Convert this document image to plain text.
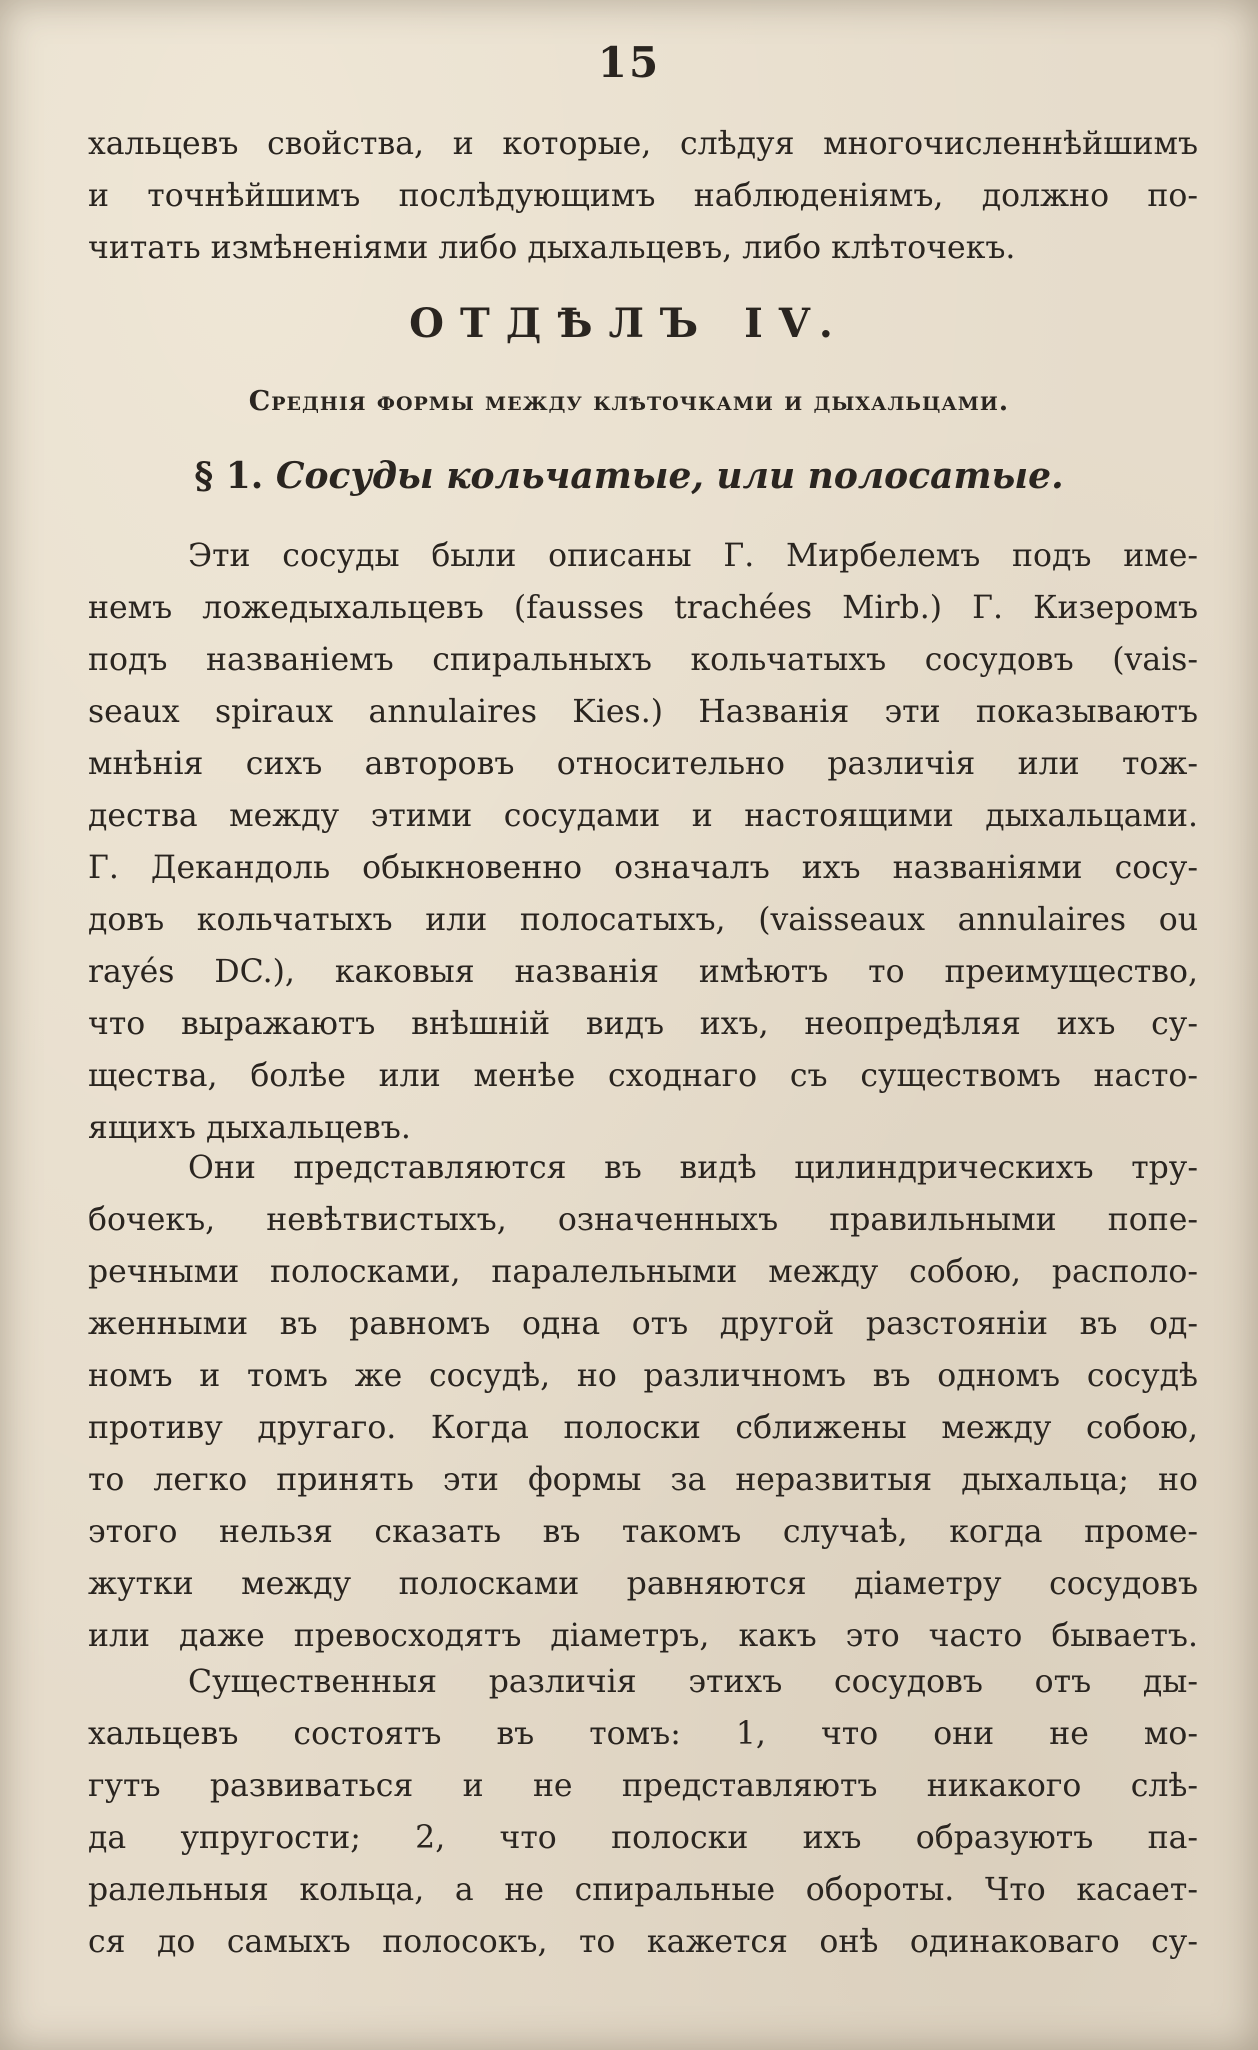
15
хальцевъ свойства, и которые, слѣдуя многочисленнѣйшимъ
и точнѣйшимъ послѣдующимъ наблюденіямъ, должно по-
читать измѣненіями либо дыхальцевъ, либо клѣточекъ.
ОТДѢЛЪ IV.
Среднія формы между клѣточками и дыхальцами.
§ 1. Сосуды кольчатые, или полосатые.
Эти сосуды были описаны Г. Мирбелемъ подъ име-
немъ ложедыхальцевъ (fausses trachées Mirb.) Г. Кизеромъ
подъ названіемъ спиральныхъ кольчатыхъ сосудовъ (vais-
seaux spiraux annulaires Kies.) Названія эти показываютъ
мнѣнія сихъ авторовъ относительно различія или тож-
дества между этими сосудами и настоящими дыхальцами.
Г. Декандоль обыкновенно означалъ ихъ названіями сосу-
довъ кольчатыхъ или полосатыхъ, (vaisseaux annulaires ou
rayés DC.), каковыя названія имѣютъ то преимущество,
что выражаютъ внѣшній видъ ихъ, неопредѣляя ихъ су-
щества, болѣе или менѣе сходнаго съ существомъ насто-
ящихъ дыхальцевъ.
Они представляются въ видѣ цилиндрическихъ тру-
бочекъ, невѣтвистыхъ, означенныхъ правильными попе-
речными полосками, паралельными между собою, располо-
женными въ равномъ одна отъ другой разстояніи въ од-
номъ и томъ же сосудѣ, но различномъ въ одномъ сосудѣ
противу другаго. Когда полоски сближены между собою,
то легко принять эти формы за неразвитыя дыхальца; но
этого нельзя сказать въ такомъ случаѣ, когда проме-
жутки между полосками равняются діаметру сосудовъ
или даже превосходятъ діаметръ, какъ это часто бываетъ.
Существенныя различія этихъ сосудовъ отъ ды-
хальцевъ состоятъ въ томъ: 1, что они не мо-
гутъ развиваться и не представляютъ никакого слѣ-
да упругости; 2, что полоски ихъ образуютъ па-
ралельныя кольца, а не спиральные обороты. Что касает-
ся до самыхъ полосокъ, то кажется онѣ одинаковаго су-
